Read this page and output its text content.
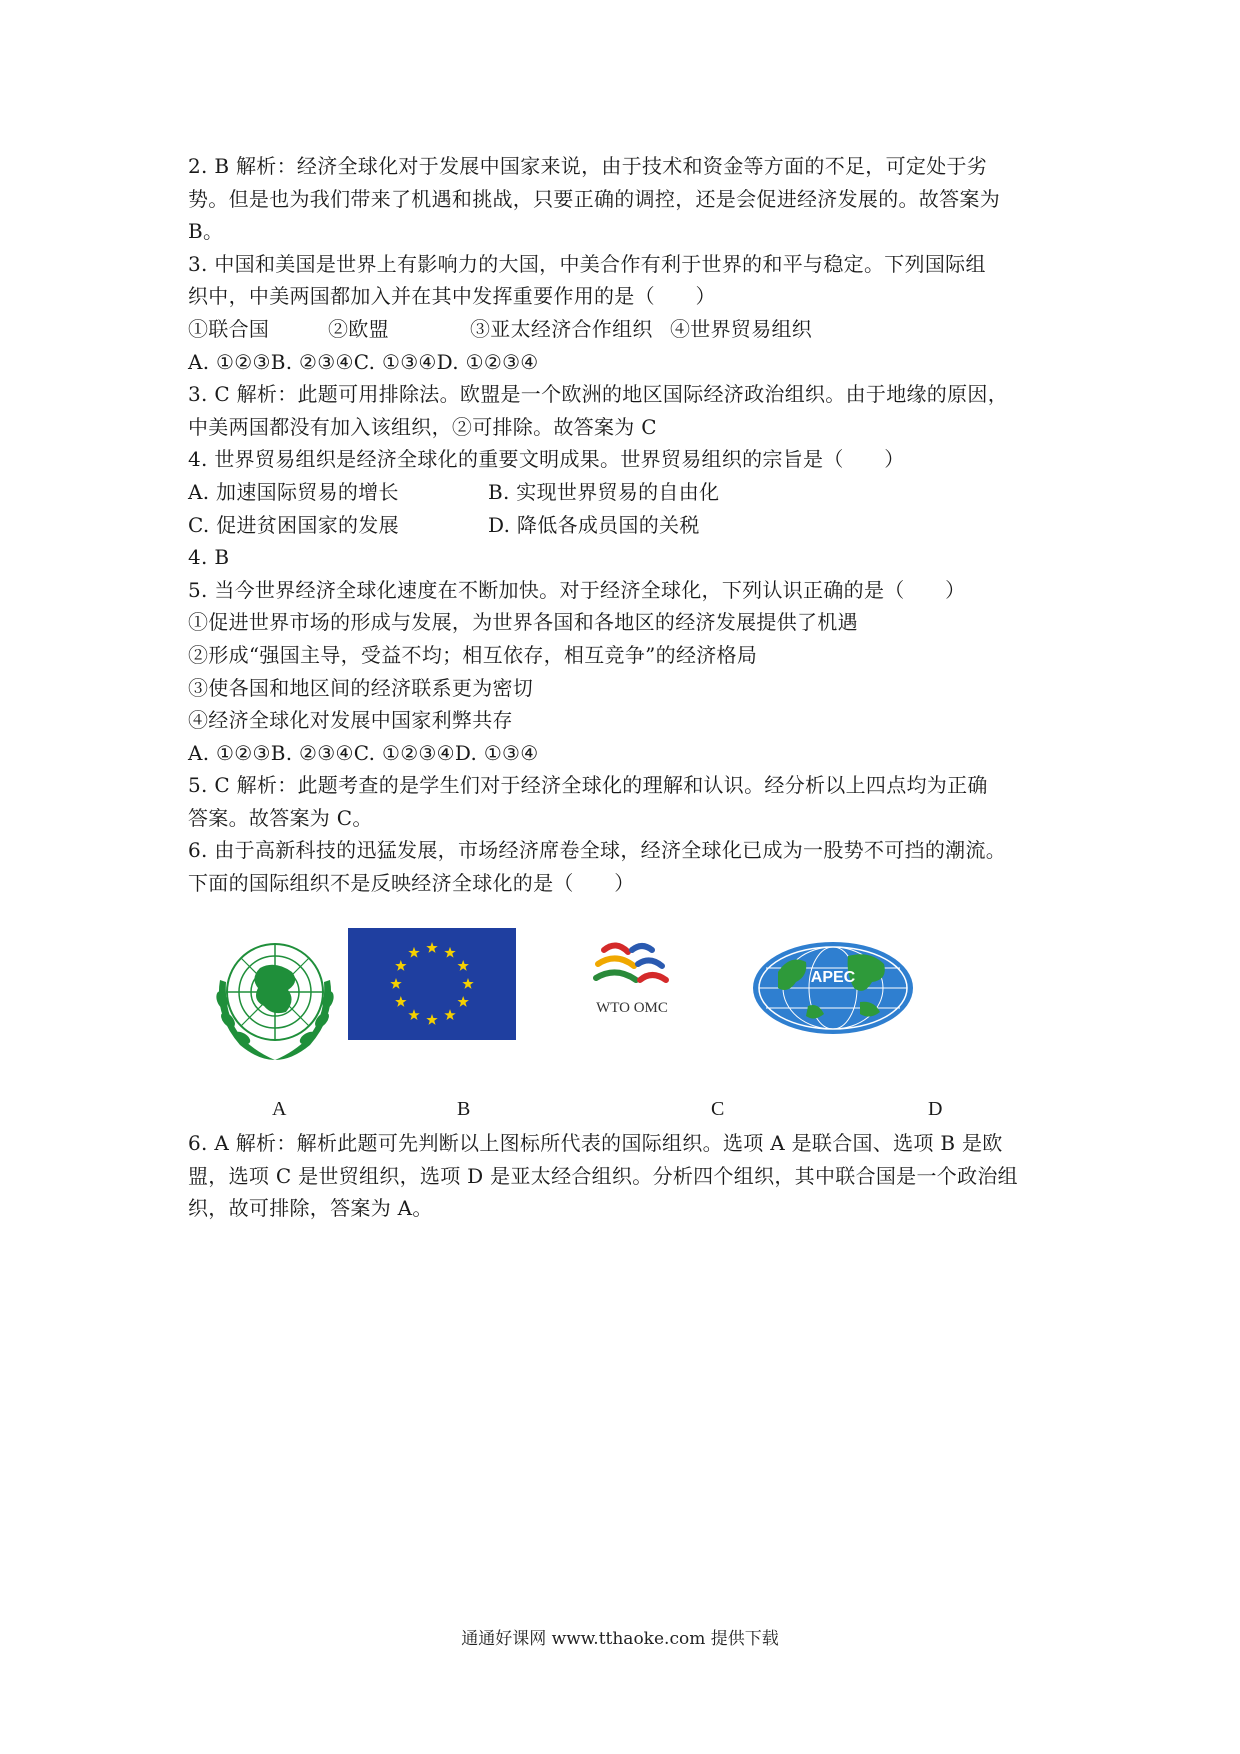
2. B 解析：经济全球化对于发展中国家来说，由于技术和资金等方面的不足，可定处于劣
势。但是也为我们带来了机遇和挑战，只要正确的调控，还是会促进经济发展的。故答案为
B。
3. 中国和美国是世界上有影响力的大国，中美合作有利于世界的和平与稳定。下列国际组
织中，中美两国都加入并在其中发挥重要作用的是（　　）
①联合国	②欧盟	③亚太经济合作组织 ④世界贸易组织
A. ①②③B. ②③④C. ①③④D. ①②③④
3. C 解析：此题可用排除法。欧盟是一个欧洲的地区国际经济政治组织。由于地缘的原因，
中美两国都没有加入该组织，②可排除。故答案为 C
4. 世界贸易组织是经济全球化的重要文明成果。世界贸易组织的宗旨是（　　）
A. 加速国际贸易的增长	B. 实现世界贸易的自由化
C. 促进贫困国家的发展	D. 降低各成员国的关税
4. B
5. 当今世界经济全球化速度在不断加快。对于经济全球化，下列认识正确的是（　　）
①促进世界市场的形成与发展，为世界各国和各地区的经济发展提供了机遇
②形成“强国主导，受益不均；相互依存，相互竞争”的经济格局
③使各国和地区间的经济联系更为密切
④经济全球化对发展中国家利弊共存
A. ①②③B. ②③④C. ①②③④D. ①③④
5. C 解析：此题考查的是学生们对于经济全球化的理解和认识。经分析以上四点均为正确
答案。故答案为 C。
6. 由于高新科技的迅猛发展，市场经济席卷全球，经济全球化已成为一股势不可挡的潮流。
下面的国际组织不是反映经济全球化的是（　　）
WTO OMC
APEC
A	B	C	D
6. A 解析：解析此题可先判断以上图标所代表的国际组织。选项 A 是联合国、选项 B 是欧
盟，选项 C 是世贸组织，选项 D 是亚太经合组织。分析四个组织，其中联合国是一个政治组
织，故可排除，答案为 A。
通通好课网 www.tthaoke.com 提供下载
